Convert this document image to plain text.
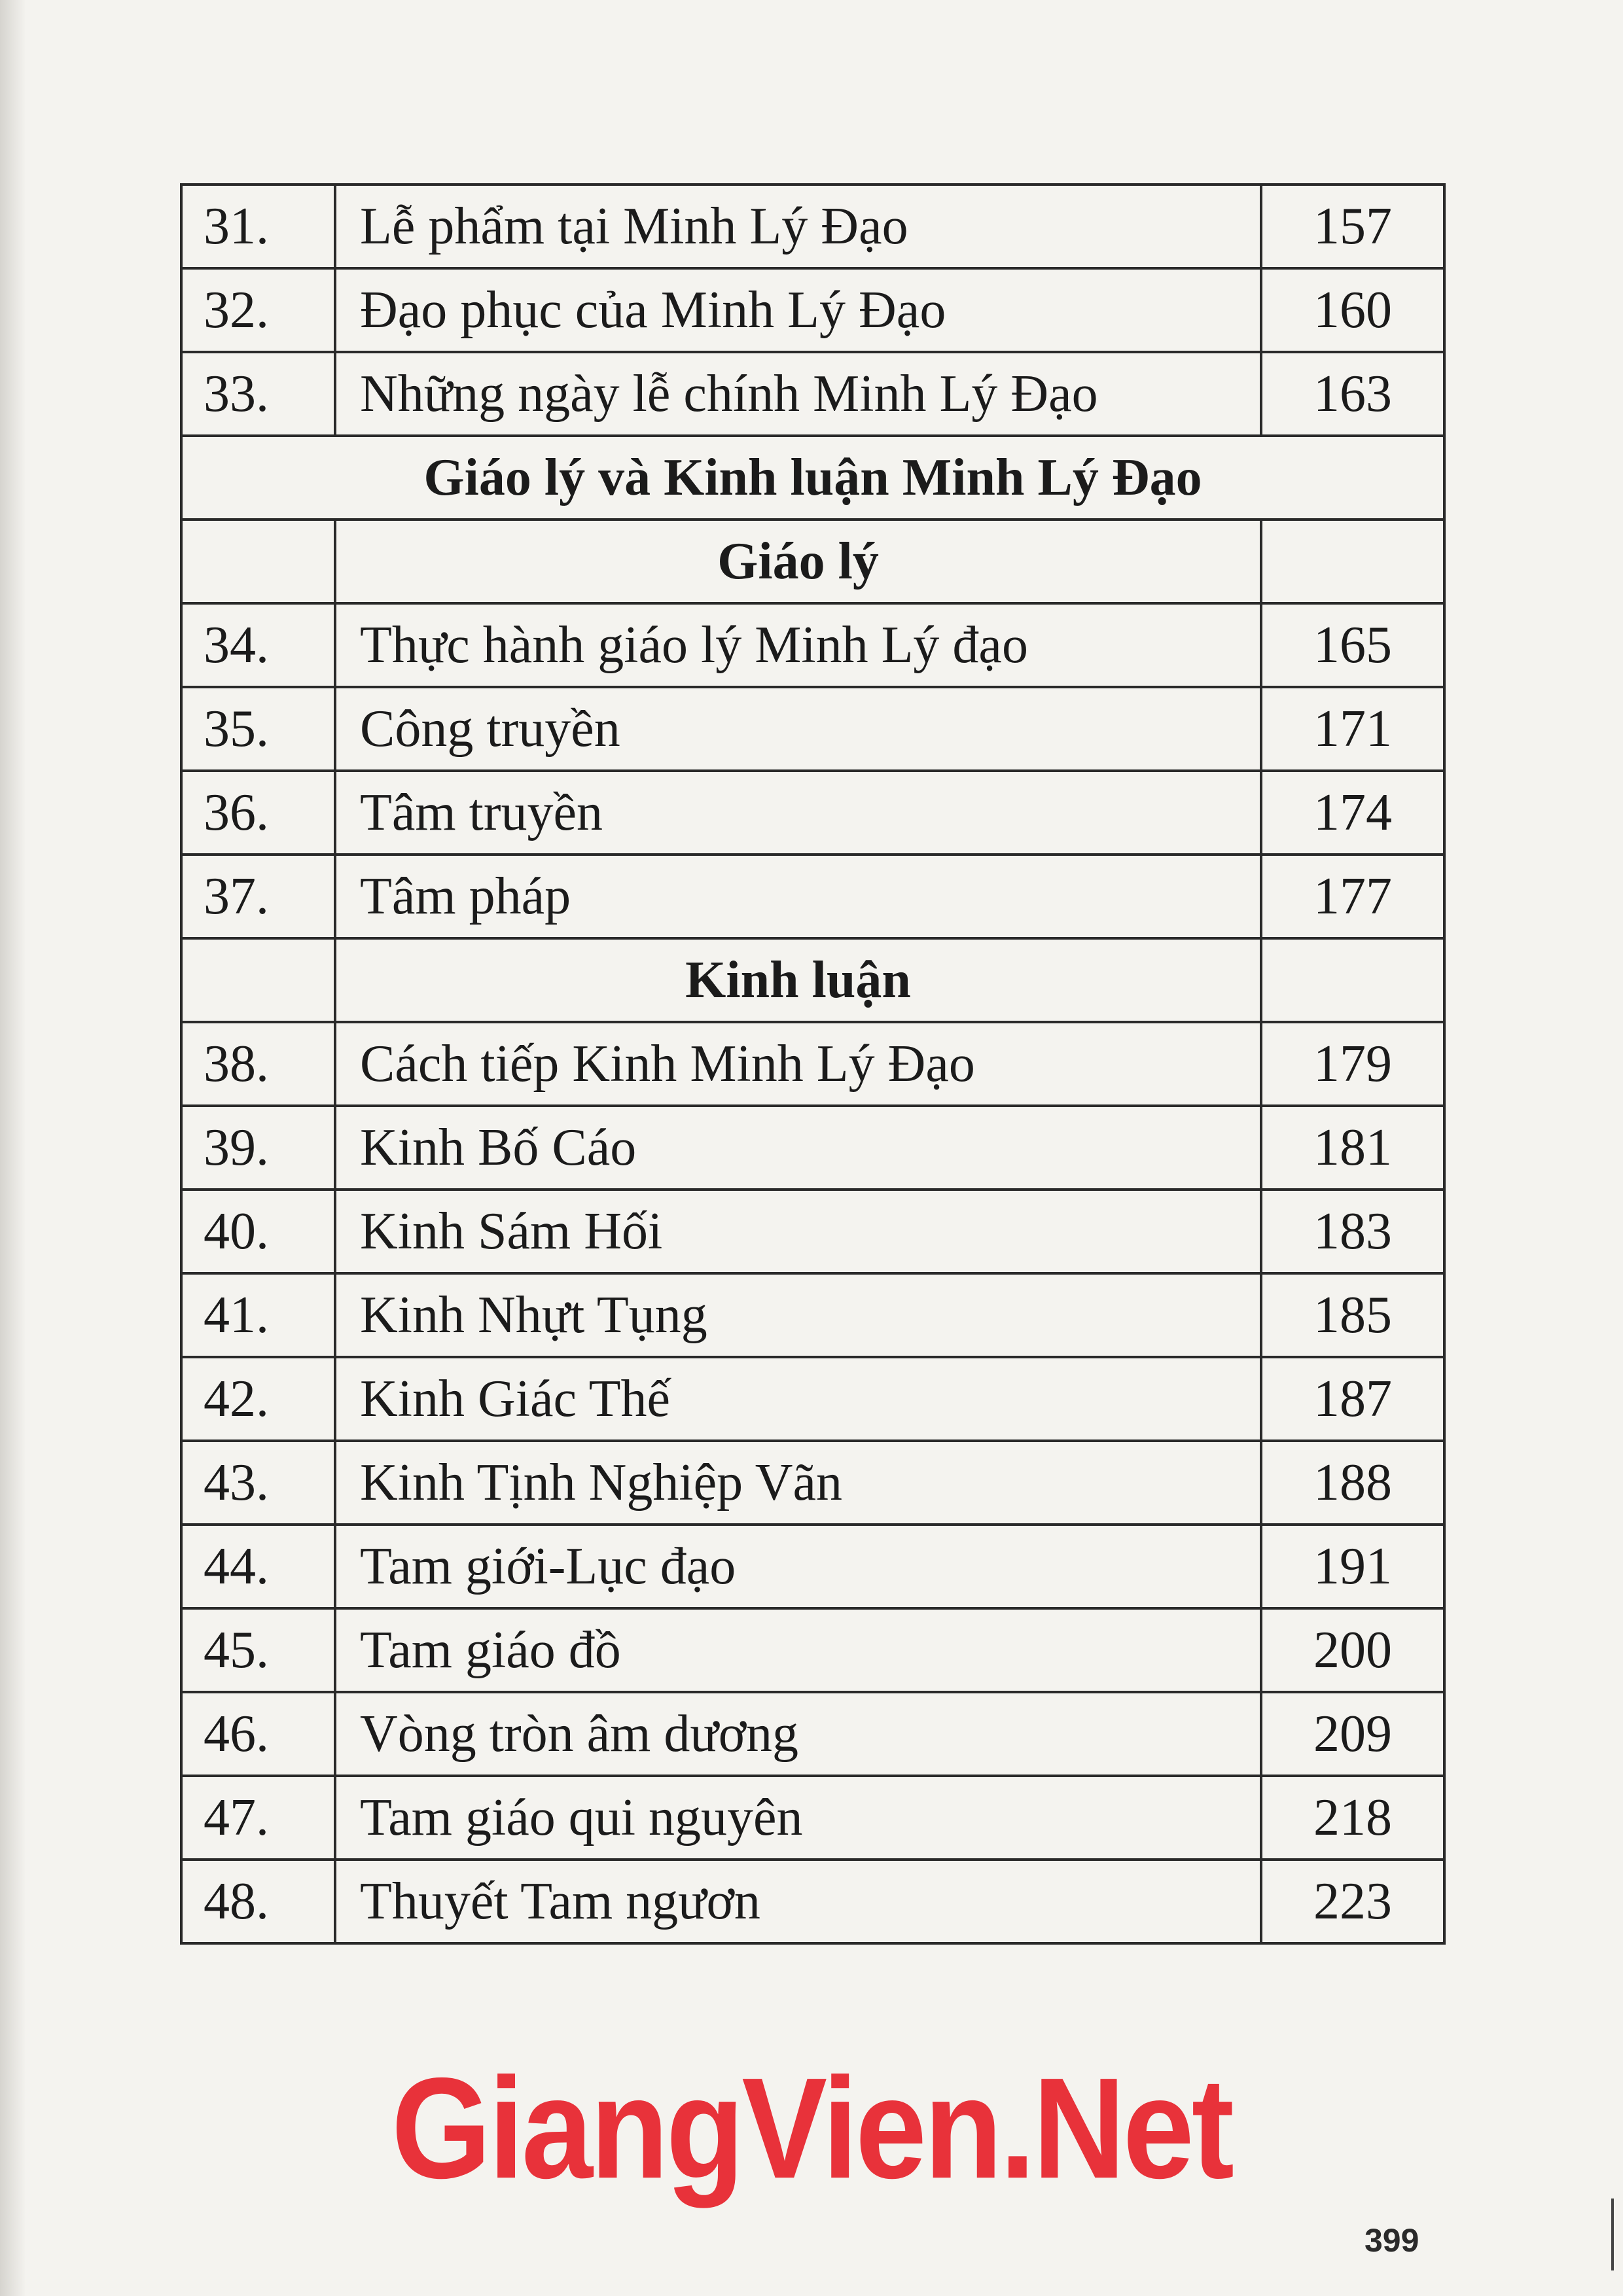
31.	Lễ phẩm tại Minh Lý Đạo	157
32.	Đạo phục của Minh Lý Đạo	160
33.	Những ngày lễ chính Minh Lý Đạo	163
Giáo lý và Kinh luận Minh Lý Đạo		
	Giáo lý	
34.	Thực hành giáo lý Minh Lý đạo	165
35.	Công truyền	171
36.	Tâm truyền	174
37.	Tâm pháp	177
	Kinh luận	
38.	Cách tiếp Kinh Minh Lý Đạo	179
39.	Kinh Bố Cáo	181
40.	Kinh Sám Hối	183
41.	Kinh Nhựt Tụng	185
42.	Kinh Giác Thế	187
43.	Kinh Tịnh Nghiệp Vãn	188
44.	Tam giới-Lục đạo	191
45.	Tam giáo đồ	200
46.	Vòng tròn âm dương	209
47.	Tam giáo qui nguyên	218
48.	Thuyết Tam ngươn	223
GiangVien.Net
399
